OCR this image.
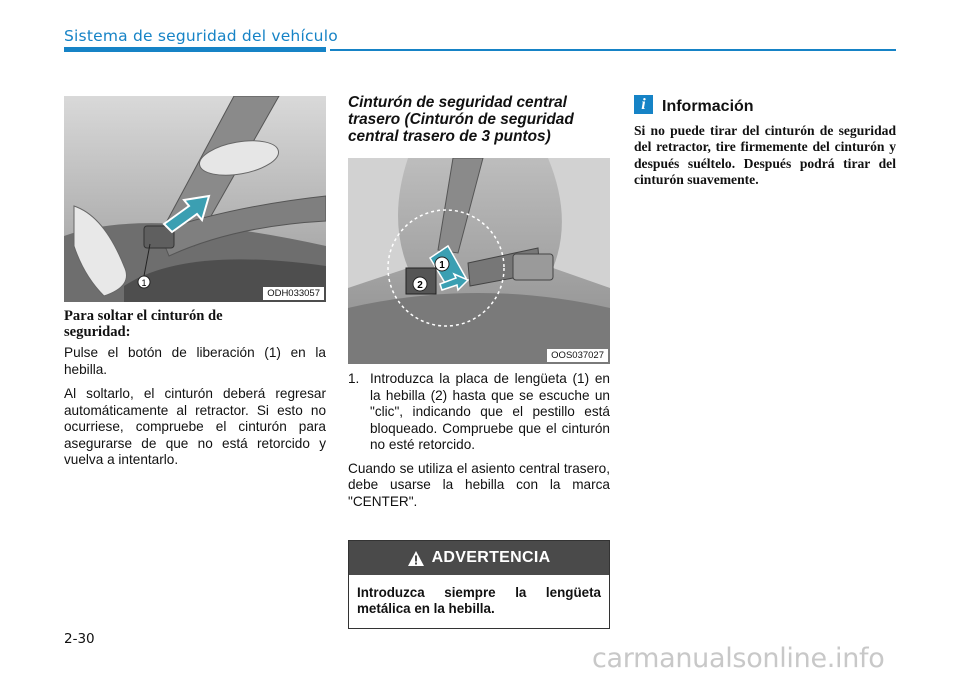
Sistema de seguridad del vehículo
1
ODH033057

Para soltar el cinturón de seguridad:

Pulse el botón de liberación (1) en la hebilla.

Al soltarlo, el cinturón deberá regresar automáticamente al retractor. Si esto no ocurriese, compruebe el cinturón para asegurarse de que no está retorcido y vuelva a intentarlo.

Cinturón de seguridad central trasero (Cinturón de seguridad central trasero de 3 puntos)

1
2
OOS037027
1. Introduzca la placa de lengüeta (1) en la hebilla (2) hasta que se escuche un "clic", indicando que el pestillo está bloqueado. Compruebe que el cinturón no esté retorcido.

Cuando se utiliza el asiento central trasero, debe usarse la hebilla con la marca "CENTER".

ADVERTENCIA
Introduzca siempre la lengüeta metálica en la hebilla.
i	Información

Si no puede tirar del cinturón de seguridad del retractor, tire firmemente del cinturón y después suéltelo. Después podrá tirar del cinturón suavemente.

2-30
carmanualsonline.info
